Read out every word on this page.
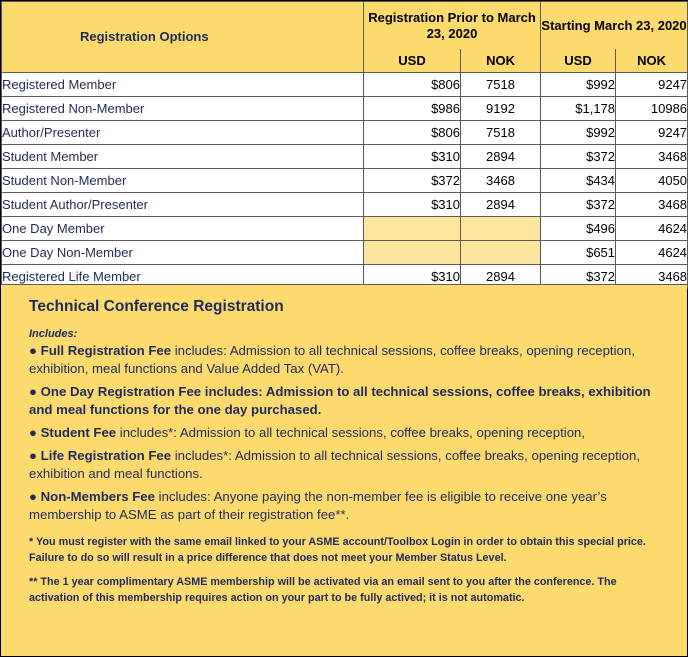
Registration Options	Registration Prior to March 23, 2020		Starting March 23, 2020	
	USD	NOK	USD	NOK
Registered Member	$806	7518	$992	9247
Registered Non-Member	$986	9192	$1,178	10986
Author/Presenter	$806	7518	$992	9247
Student Member	$310	2894	$372	3468
Student Non-Member	$372	3468	$434	4050
Student Author/Presenter	$310	2894	$372	3468
One Day Member			$496	4624
One Day Non-Member			$651	4624
Registered Life Member	$310	2894	$372	3468
Technical Conference Registration

Includes:

● Full Registration Fee includes: Admission to all technical sessions, coffee breaks, opening reception, exhibition, meal functions and Value Added Tax (VAT).

● One Day Registration Fee includes: Admission to all technical sessions, coffee breaks, exhibition and meal functions for the one day purchased.

● Student Fee includes*: Admission to all technical sessions, coffee breaks, opening reception,

● Life Registration Fee includes*: Admission to all technical sessions, coffee breaks, opening reception, exhibition and meal functions.

● Non-Members Fee includes: Anyone paying the non-member fee is eligible to receive one year’s membership to ASME as part of their registration fee**.

* You must register with the same email linked to your ASME account/Toolbox Login in order to obtain this special price. Failure to do so will result in a price difference that does not meet your Member Status Level.

** The 1 year complimentary ASME membership will be activated via an email sent to you after the conference. The activation of this membership requires action on your part to be fully actived; it is not automatic.
